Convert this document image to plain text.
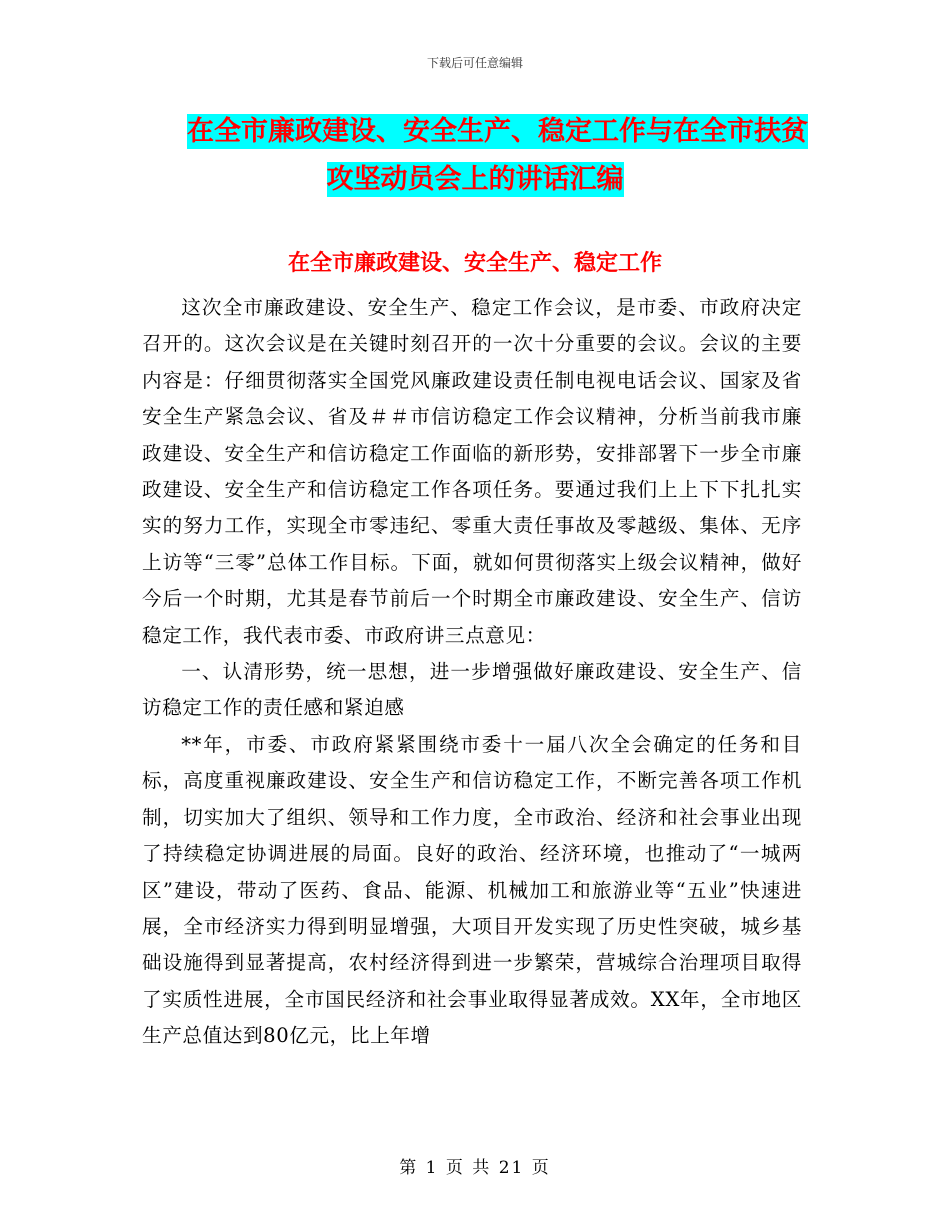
下载后可任意编辑
在全市廉政建设、安全生产、稳定工作与在全市扶贫
攻坚动员会上的讲话汇编
在全市廉政建设、安全生产、稳定工作

这次全市廉政建设、安全生产、稳定工作会议，是市委、市政府决定召开的。这次会议是在关键时刻召开的一次十分重要的会议。会议的主要内容是：仔细贯彻落实全国党风廉政建设责任制电视电话会议、国家及省安全生产紧急会议、省及＃＃市信访稳定工作会议精神，分析当前我市廉政建设、安全生产和信访稳定工作面临的新形势，安排部署下一步全市廉政建设、安全生产和信访稳定工作各项任务。要通过我们上上下下扎扎实实的努力工作，实现全市零违纪、零重大责任事故及零越级、集体、无序上访等“三零”总体工作目标。下面，就如何贯彻落实上级会议精神，做好今后一个时期，尤其是春节前后一个时期全市廉政建设、安全生产、信访稳定工作，我代表市委、市政府讲三点意见：

一、认清形势，统一思想，进一步增强做好廉政建设、安全生产、信访稳定工作的责任感和紧迫感

**年，市委、市政府紧紧围绕市委十一届八次全会确定的任务和目标，高度重视廉政建设、安全生产和信访稳定工作，不断完善各项工作机制，切实加大了组织、领导和工作力度，全市政治、经济和社会事业出现了持续稳定协调进展的局面。良好的政治、经济环境，也推动了“一城两区”建设，带动了医药、食品、能源、机械加工和旅游业等“五业”快速进展，全市经济实力得到明显增强，大项目开发实现了历史性突破，城乡基础设施得到显著提高，农村经济得到进一步繁荣，营城综合治理项目取得了实质性进展，全市国民经济和社会事业取得显著成效。XX年，全市地区生产总值达到80亿元，比上年增

第 1 页 共 21 页
